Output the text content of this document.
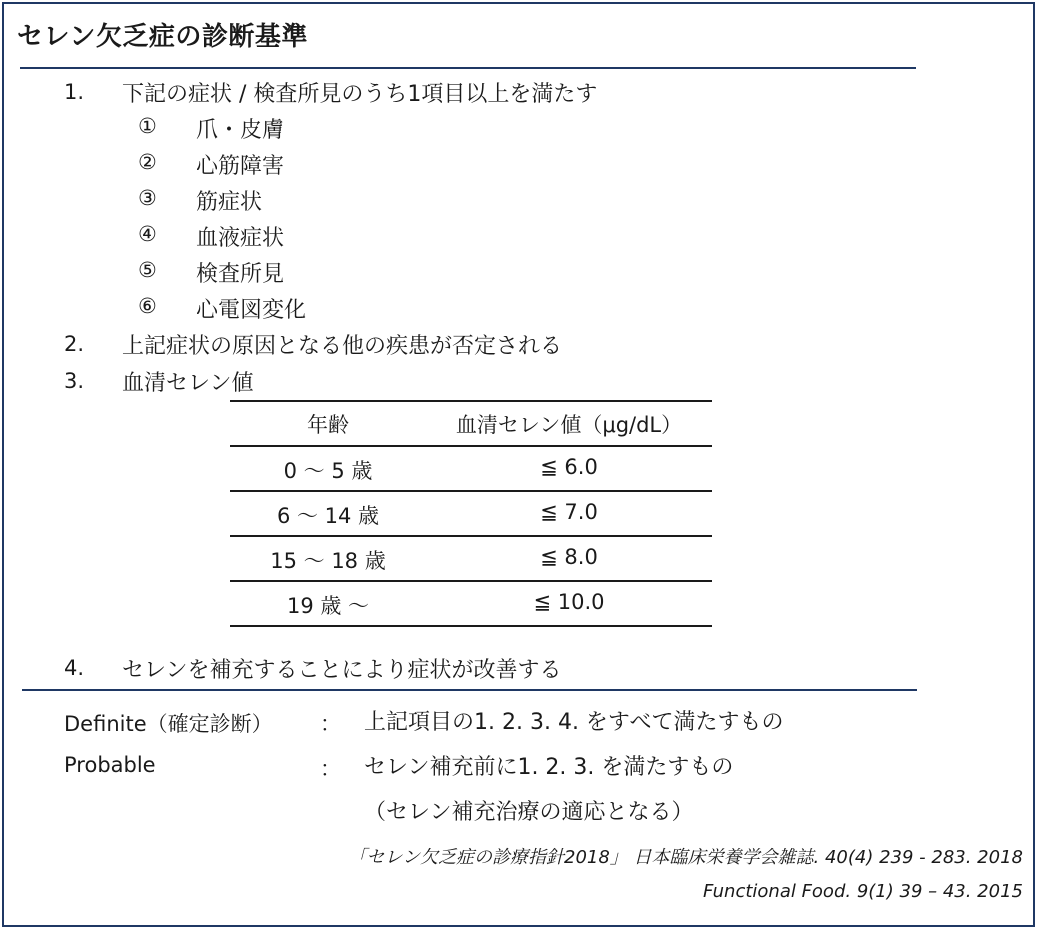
セレン欠乏症の診断基準
1. 下記の症状 / 検査所見のうち1項目以上を満たす
① 爪・皮膚
② 心筋障害
③ 筋症状
④ 血液症状
⑤ 検査所見
⑥ 心電図変化
2. 上記症状の原因となる他の疾患が否定される
3. 血清セレン値
年齢	血清セレン値（μg/dL）
0 〜 5 歳	≦ 6.0
6 〜 14 歳	≦ 7.0
15 〜 18 歳	≦ 8.0
19 歳 〜	≦ 10.0
4. セレンを補充することにより症状が改善する
Definite（確定診断） ： 上記項目の1. 2. 3. 4. をすべて満たすもの
Probable	： セレン補充前に1. 2. 3. を満たすもの
（セレン補充治療の適応となる）
「セレン欠乏症の診療指針2018」 日本臨床栄養学会雑誌. 40(4) 239 - 283. 2018
Functional Food. 9(1) 39 – 43. 2015
